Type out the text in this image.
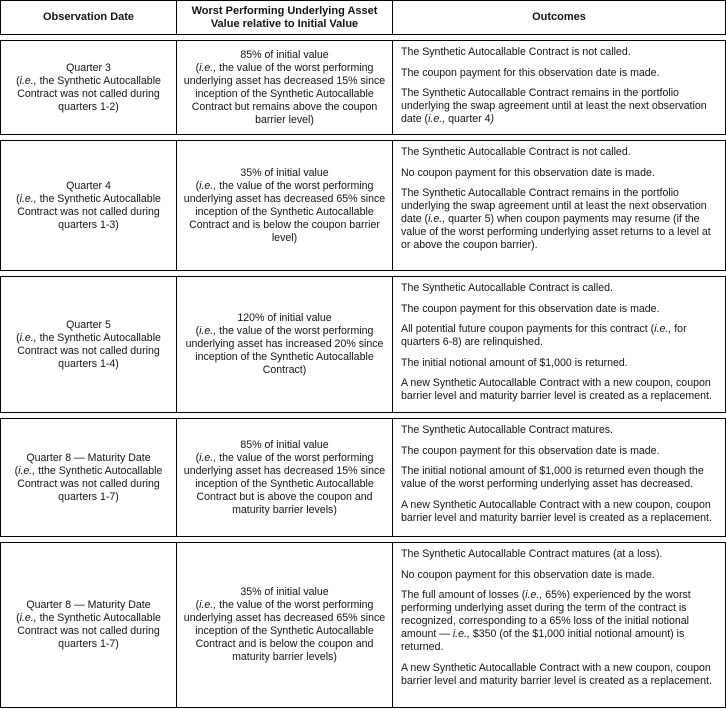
Observation Date
Worst Performing Underlying Asset Value relative to Initial Value
Outcomes
Quarter 3
(i.e., the Synthetic Autocallable Contract was not called during quarters 1-2)
85% of initial value
(i.e., the value of the worst performing underlying asset has decreased 15% since inception of the Synthetic Autocallable Contract but remains above the coupon barrier level)

The Synthetic Autocallable Contract is not called.

The coupon payment for this observation date is made.

The Synthetic Autocallable Contract remains in the portfolio underlying the swap agreement until at least the next observation date (i.e., quarter 4)

Quarter 4
(i.e., the Synthetic Autocallable Contract was not called during quarters 1-3)
35% of initial value
(i.e., the value of the worst performing underlying asset has decreased 65% since inception of the Synthetic Autocallable Contract and is below the coupon barrier level)

The Synthetic Autocallable Contract is not called.

No coupon payment for this observation date is made.

The Synthetic Autocallable Contract remains in the portfolio underlying the swap agreement until at least the next observation date (i.e., quarter 5) when coupon payments may resume (if the value of the worst performing underlying asset returns to a level at or above the coupon barrier).

Quarter 5
(i.e., the Synthetic Autocallable Contract was not called during quarters 1-4)
120% of initial value
(i.e., the value of the worst performing underlying asset has increased 20% since inception of the Synthetic Autocallable Contract)

The Synthetic Autocallable Contract is called.

The coupon payment for this observation date is made.

All potential future coupon payments for this contract (i.e., for quarters 6-8) are relinquished.

The initial notional amount of $1,000 is returned.

A new Synthetic Autocallable Contract with a new coupon, coupon barrier level and maturity barrier level is created as a replacement.

Quarter 8 — Maturity Date
(i.e., tthe Synthetic Autocallable Contract was not called during quarters 1-7)
85% of initial value
(i.e., the value of the worst performing underlying asset has decreased 15% since inception of the Synthetic Autocallable Contract but is above the coupon and maturity barrier levels)

The Synthetic Autocallable Contract matures.

The coupon payment for this observation date is made.

The initial notional amount of $1,000 is returned even though the value of the worst performing underlying asset has decreased.

A new Synthetic Autocallable Contract with a new coupon, coupon barrier level and maturity barrier level is created as a replacement.

Quarter 8 — Maturity Date
(i.e., the Synthetic Autocallable Contract was not called during quarters 1-7)
35% of initial value
(i.e., the value of the worst performing underlying asset has decreased 65% since inception of the Synthetic Autocallable Contract and is below the coupon and maturity barrier levels)

The Synthetic Autocallable Contract matures (at a loss).

No coupon payment for this observation date is made.

The full amount of losses (i.e., 65%) experienced by the worst performing underlying asset during the term of the contract is recognized, corresponding to a 65% loss of the initial notional amount — i.e., $350 (of the $1,000 initial notional amount) is returned.

A new Synthetic Autocallable Contract with a new coupon, coupon barrier level and maturity barrier level is created as a replacement.
